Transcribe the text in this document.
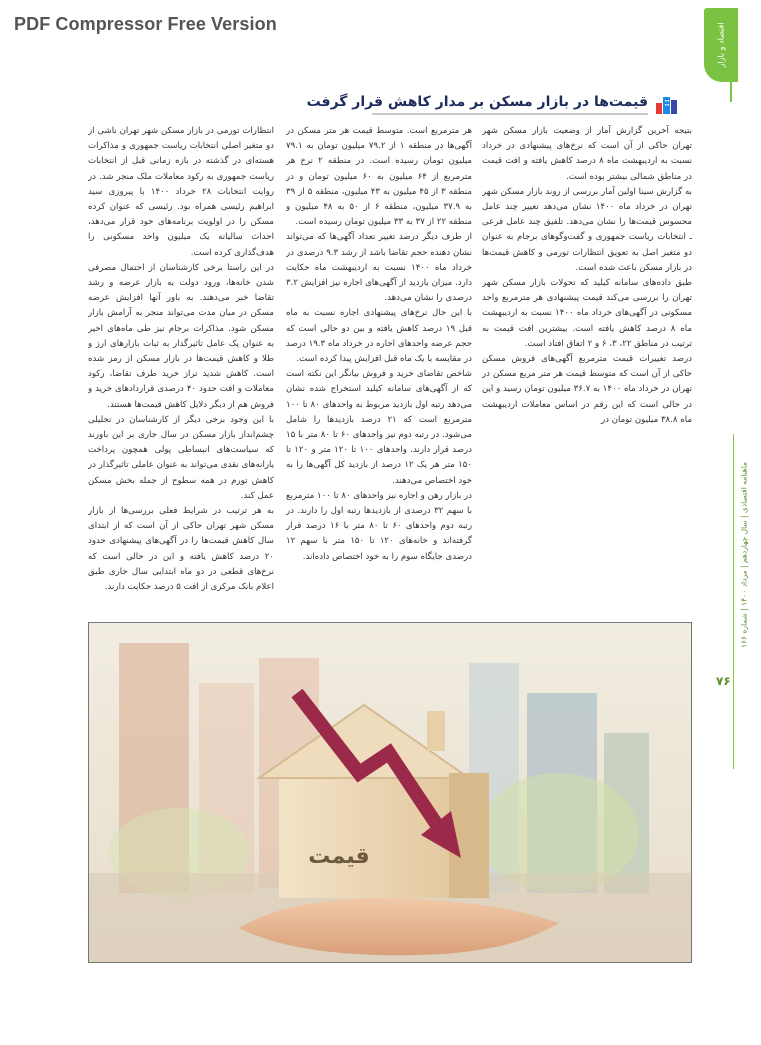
PDF Compressor Free Version	اقتصاد و بازار
ماهنامه اقتصادی | سال چهاردهم | مرداد ۱۴۰۰ | شماره ۱۶۶
۷۶
قیمت‌ها در بازار مسکن بر مدار کاهش قرار گرفت

بتیجه آخرین گزارش آمار از وضعیت بازار مسکن شهر تهران حاکی از آن است که نرخ‌های پیشنهادی در خرداد نسبت به اردیبهشت ماه ۸ درصد کاهش یافته و افت قیمت در مناطق شمالی بیشتر بوده است.

به گزارش سینا اولین آمار بررسی از روند بازار مسکن شهر تهران در خرداد ماه ۱۴۰۰ نشان می‌دهد تغییر چند عامل محسوس قیمت‌ها را نشان می‌دهد. تلفیق چند عامل فرعی ـ انتخابات ریاست جمهوری و گفت‌وگوهای برجام به عنوان دو متغیر اصل به تعویق انتظارات تورمی و کاهش قیمت‌ها در بازار مسکن باعث شده است.

طبق داده‌های سامانه کیلید که تحولات بازار مسکن شهر تهران را بررسی می‌کند قیمت پیشنهادی هر مترمربع واحد مسکونی در آگهی‌های خرداد ماه ۱۴۰۰ نسبت به اردیبهشت ماه ۸ درصد کاهش یافته است. بیشترین افت قیمت به ترتیب در مناطق ۲۲، ۳، ۶ و ۲ اتفاق افتاد است.

درصد تغییرات قیمت مترمربع آگهی‌های فروش مسکن حاکی از آن است که متوسط قیمت هر متر مربع مسکن در تهران در خرداد ماه ۱۴۰۰ به ۳۶.۷ میلیون تومان رسید و این در حالی است که این رقم در اساس معاملات اردیبهشت ماه ۳۸.۸ میلیون تومان در

هر مترمربع است. متوسط قیمت هر متر مسکن در آگهی‌ها در منطقه ۱ از ۷۹.۲ میلیون تومان به ۷۹.۱ میلیون تومان رسیده است. در منطقه ۲ نرخ هر مترمربع از ۶۴ میلیون به ۶۰ میلیون تومان و در منطقه ۳ از ۴۵ میلیون به ۴۳ میلیون، منطقه ۵ از ۳۹ به ۳۷.۹ میلیون، منطقه ۶ از ۵۰ به ۴۸ میلیون و منطقه ۲۲ از ۳۷ به ۳۳ میلیون تومان رسیده است.

از طرف دیگر درصد تغییر تعداد آگهی‌ها که می‌تواند نشان دهنده حجم تقاضا باشد از رشد ۹.۳ درصدی در خرداد ماه ۱۴۰۰ نسبت به اردیبهشت ماه حکایت دارد. میزان بازدید از آگهی‌های اجاره نیز افزایش ۳.۲ درصدی را نشان می‌دهد.

با این حال نرخ‌های پیشنهادی اجاره نسبت به ماه قبل ۱۹ درصد کاهش یافته و بین دو حالی است که حجم عرضه واحدهای اجاره در خرداد ماه ۱۹.۳ درصد در مقایسه با یک ماه قبل افزایش پیدا کرده است.

شاخص تقاضای خرید و فروش بیانگر این نکته است که از آگهی‌های سامانه کیلید استخراج شده نشان می‌دهد رتبه اول بازدید مربوط به واحدهای ۸۰ تا ۱۰۰ مترمربع است که ۲۱ درصد بازدیدها را شامل می‌شود. در رتبه دوم نیز واحدهای ۶۰ تا ۸۰ متر با ۱۵ درصد قرار دارند. واحدهای ۱۰۰ تا ۱۲۰ متر و ۱۲۰ تا ۱۵۰ متر هر یک ۱۲ درصد از بازدید کل آگهی‌ها را به خود اختصاص می‌دهند.

در بازار رهن و اجاره نیز واحدهای ۸۰ تا ۱۰۰ مترمربع با سهم ۳۲ درصدی از بازدیدها رتبه اول را دارند. در رتبه دوم واحدهای ۶۰ تا ۸۰ متر با ۱۶ درصد قرار گرفته‌اند و خانه‌های ۱۲۰ تا ۱۵۰ متر با سهم ۱۲ درصدی جایگاه سوم را به خود اختصاص داده‌اند.

انتظارات تورمی در بازار مسکن شهر تهران ناشی از دو متغیر اصلی انتخابات ریاست جمهوری و مذاکرات هسته‌ای در گذشته در بازه زمانی قبل از انتخابات ریاست جمهوری به رکود معاملات ملک منجر شد. در روایت انتخابات ۲۸ خرداد ۱۴۰۰ با پیروزی سید ابراهیم رئیسی همراه بود. رئیسی که عنوان کرده مسکن را در اولویت برنامه‌های خود قرار می‌دهد، احداث سالیانه یک میلیون واحد مسکونی را هدف‌گذاری کرده است.

در این راستا برخی کارشناسان از احتمال مصرفی شدن خانه‌ها، ورود دولت به بازار عرضه و رشد تقاضا خبر می‌دهند. به باور آنها افزایش عرضه مسکن در میان مدت می‌تواند منجر به آرامش بازار مسکن شود. مذاکرات برجام نیز طی ماه‌های اخیر به عنوان یک عامل تاثیرگذار به ثبات بازارهای ارز و طلا و کاهش قیمت‌ها در بازار مسکن از رمز شده است. کاهش شدید تراز خرید طرف تقاضا، رکود معاملات و افت حدود ۴۰ درصدی قراردادهای خرید و فروش هم از دیگر دلایل کاهش قیمت‌ها هستند.

با این وجود برخی دیگر از کارشناسان در تحلیلی چشم‌انداز بازار مسکن در سال جاری بر این باورند که سیاست‌های انبساطی پولی همچون پرداخت یارانه‌های نقدی می‌تواند به عنوان عاملی تاثیرگذار در کاهش تورم در همه سطوح از جمله بخش مسکن عمل کند.

به هر ترتیب در شرایط فعلی بررسی‌ها از بازار مسکن شهر تهران حاکی از آن است که از ابتدای سال کاهش قیمت‌ها را در آگهی‌های پیشنهادی حدود ۲۰ درصد کاهش یافته و این در حالی است که نرخ‌های قطعی در دو ماه ابتدایی سال جاری طبق اعلام بانک مرکزی از افت ۵ درصد حکایت دارند.

قیمت
